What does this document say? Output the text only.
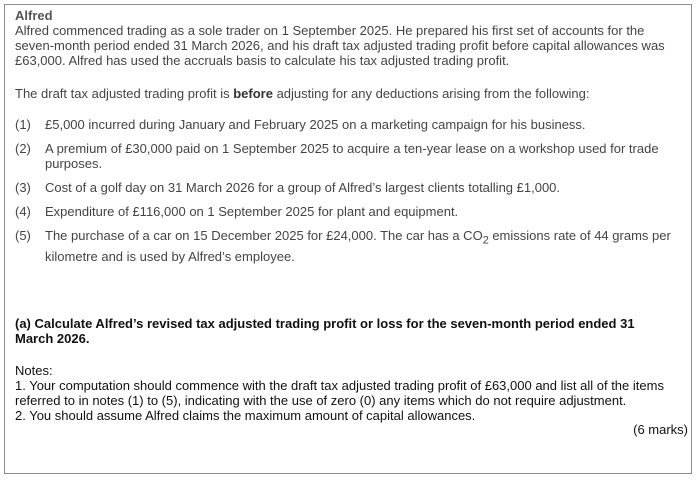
Alfred

Alfred commenced trading as a sole trader on 1 September 2025. He prepared his first set of accounts for the seven-month period ended 31 March 2026, and his draft tax adjusted trading profit before capital allowances was £63,000. Alfred has used the accruals basis to calculate his tax adjusted trading profit.

The draft tax adjusted trading profit is before adjusting for any deductions arising from the following:

(1) £5,000 incurred during January and February 2025 on a marketing campaign for his business.
(2) A premium of £30,000 paid on 1 September 2025 to acquire a ten-year lease on a workshop used for trade purposes.
(3) Cost of a golf day on 31 March 2026 for a group of Alfred’s largest clients totalling £1,000.
(4) Expenditure of £116,000 on 1 September 2025 for plant and equipment.
(5) The purchase of a car on 15 December 2025 for £24,000. The car has a $CO_2$ emissions rate of 44 grams per kilometre and is used by Alfred’s employee.
(a) Calculate Alfred’s revised tax adjusted trading profit or loss for the seven-month period ended 31 March 2026.
Notes:
1. Your computation should commence with the draft tax adjusted trading profit of £63,000 and list all of the items referred to in notes (1) to (5), indicating with the use of zero (0) any items which do not require adjustment.
2. You should assume Alfred claims the maximum amount of capital allowances.
(6 marks)
